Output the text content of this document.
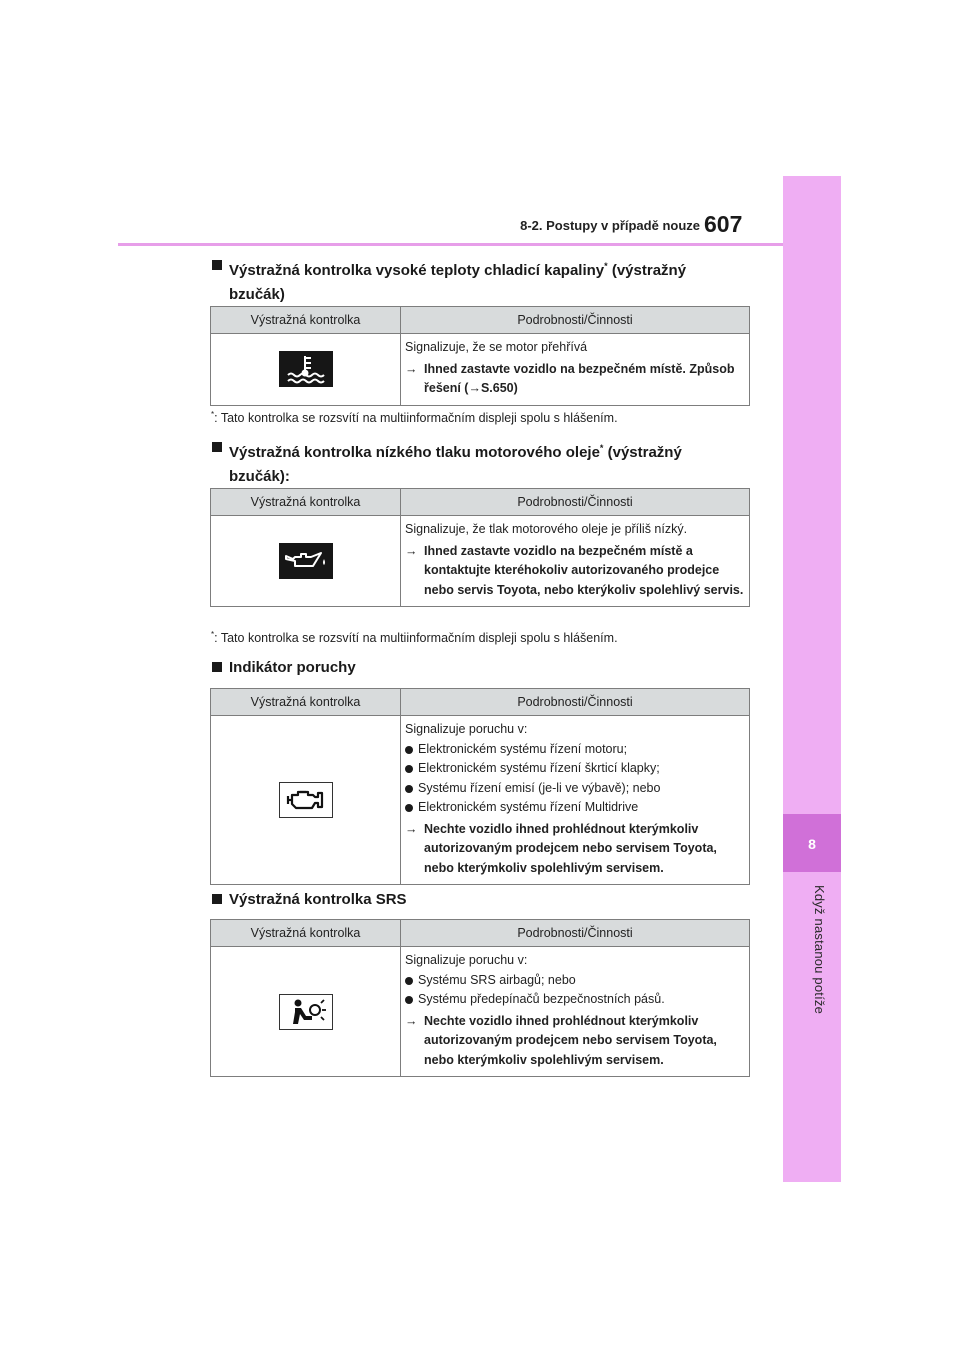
8
Když nastanou potíže
8-2. Postupy v případě nouze 607
Výstražná kontrolka vysoké teploty chladicí kapaliny* (výstražný bzučák)
Výstražná kontrolka	Podrobnosti/Činnosti
Signalizuje, že se motor přehřívá
→ Ihned zastavte vozidlo na bezpečném místě. Způsob řešení (→S.650)
*: Tato kontrolka se rozsvítí na multiinformačním displeji spolu s hlášením.
Výstražná kontrolka nízkého tlaku motorového oleje* (výstražný bzučák):
Výstražná kontrolka	Podrobnosti/Činnosti
Signalizuje, že tlak motorového oleje je příliš nízký.
→ Ihned zastavte vozidlo na bezpečném místě a kontaktujte kteréhokoliv autorizovaného prodejce nebo servis Toyota, nebo kterýkoliv spolehlivý servis.
*: Tato kontrolka se rozsvítí na multiinformačním displeji spolu s hlášením.
Indikátor poruchy
Výstražná kontrolka	Podrobnosti/Činnosti
Signalizuje poruchu v:
Elektronickém systému řízení motoru;
Elektronickém systému řízení škrticí klapky;
Systému řízení emisí (je-li ve výbavě); nebo
Elektronickém systému řízení Multidrive
→ Nechte vozidlo ihned prohlédnout kterýmkoliv autorizovaným prodejcem nebo servisem Toyota, nebo kterýmkoliv spolehlivým servisem.
Výstražná kontrolka SRS
Výstražná kontrolka	Podrobnosti/Činnosti
Signalizuje poruchu v:
Systému SRS airbagů; nebo
Systému předepínačů bezpečnostních pásů.
→ Nechte vozidlo ihned prohlédnout kterýmkoliv autorizovaným prodejcem nebo servisem Toyota, nebo kterýmkoliv spolehlivým servisem.
